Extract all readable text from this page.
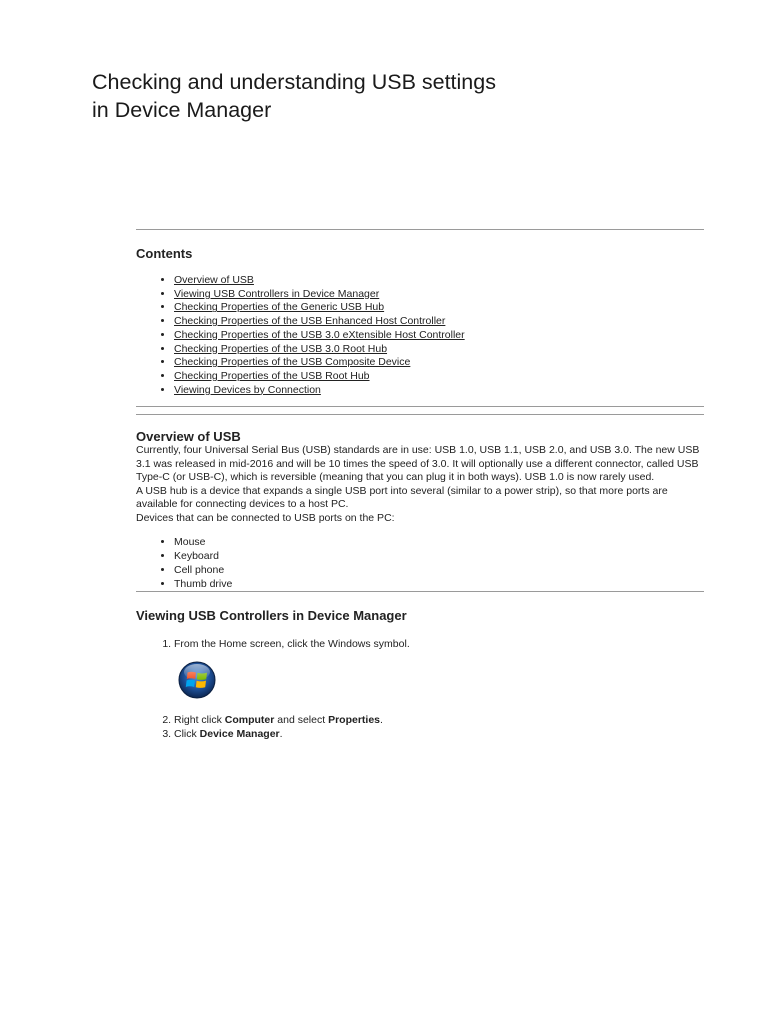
Checking and understanding USB settings
in Device Manager
Contents
• Overview of USB
• Viewing USB Controllers in Device Manager
• Checking Properties of the Generic USB Hub
• Checking Properties of the USB Enhanced Host Controller
• Checking Properties of the USB 3.0 eXtensible Host Controller
• Checking Properties of the USB 3.0 Root Hub
• Checking Properties of the USB Composite Device
• Checking Properties of the USB Root Hub
• Viewing Devices by Connection
Overview of USB

Currently, four Universal Serial Bus (USB) standards are in use: USB 1.0, USB 1.1, USB 2.0, and USB 3.0. The new USB 3.1 was released in mid-2016 and will be 10 times the speed of 3.0. It will optionally use a different connector, called USB Type-C (or USB-C), which is reversible (meaning that you can plug it in both ways). USB 1.0 is now rarely used.

A USB hub is a device that expands a single USB port into several (similar to a power strip), so that more ports are available for connecting devices to a host PC.

Devices that can be connected to USB ports on the PC:

• Mouse
• Keyboard
• Cell phone
• Thumb drive
Viewing USB Controllers in Device Manager
1. From the Home screen, click the Windows symbol.
2. Right click Computer and select Properties.
3. Click Device Manager.
